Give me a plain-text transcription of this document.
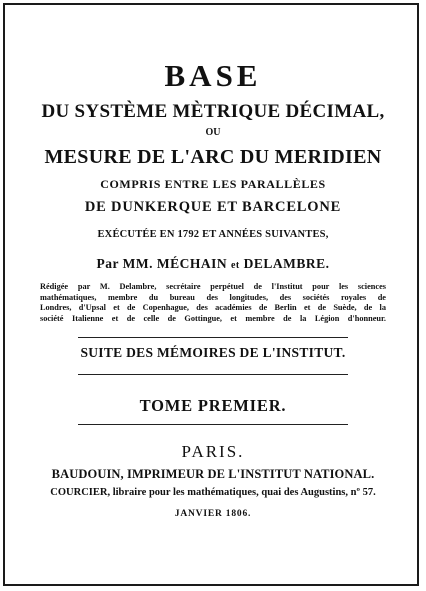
BASE
DU SYSTÈME MÈTRIQUE DÉCIMAL,
OU
MESURE DE L'ARC DU MERIDIEN
COMPRIS ENTRE LES PARALLÈLES
DE DUNKERQUE ET BARCELONE
EXÉCUTÉE EN 1792 ET ANNÉES SUIVANTES,
Par MM. MÉCHAIN et DELAMBRE.
Rédigée par M. Delambre, secrétaire perpétuel de l'Institut pour les sciences
mathématiques, membre du bureau des longitudes, des sociétés royales de
Londres, d'Upsal et de Copenhague, des académies de Berlin et de Suède, de la
société Italienne et de celle de Gottingue, et membre de la Légion d'honneur.
SUITE DES MÉMOIRES DE L'INSTITUT.
TOME PREMIER.
PARIS.
BAUDOUIN, IMPRIMEUR DE L'INSTITUT NATIONAL.
COURCIER, libraire pour les mathématiques, quai des Augustins, nº 57.
JANVIER 1806.
